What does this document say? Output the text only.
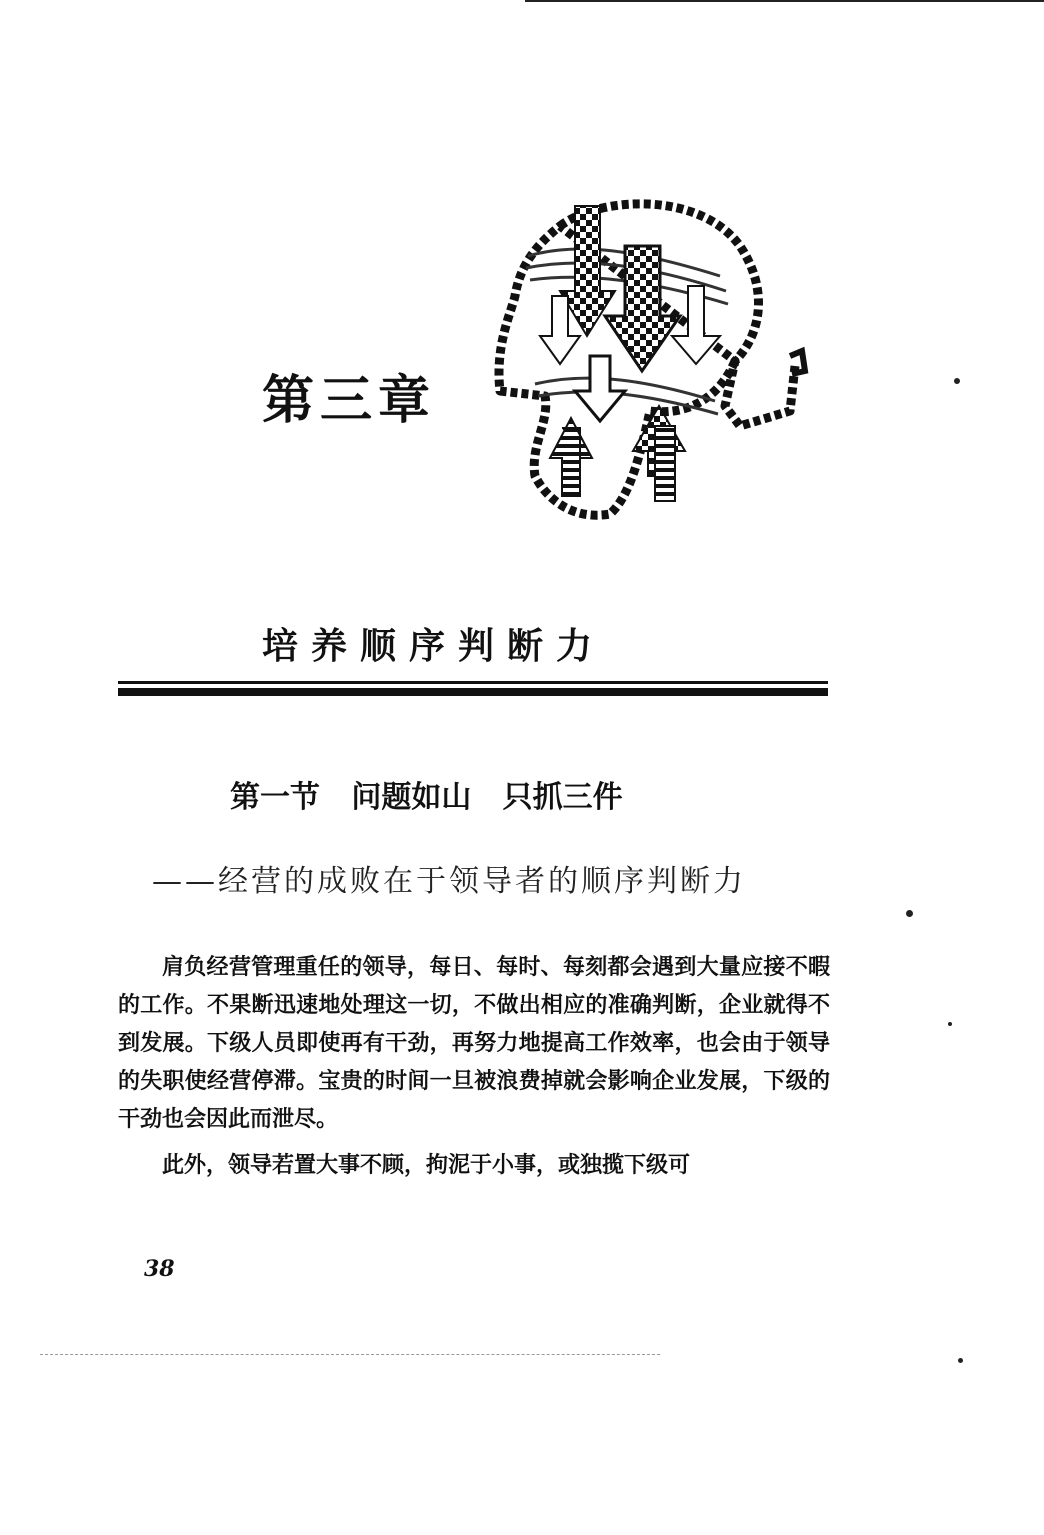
第三章
培养顺序判断力
第一节   问题如山   只抓三件
——经营的成败在于领导者的顺序判断力

肩负经营管理重任的领导，每日、每时、每刻都会遇到大量应接不暇的工作。不果断迅速地处理这一切，不做出相应的准确判断，企业就得不到发展。下级人员即使再有干劲，再努力地提高工作效率，也会由于领导的失职使经营停滞。宝贵的时间一旦被浪费掉就会影响企业发展，下级的干劲也会因此而泄尽。

此外，领导若置大事不顾，拘泥于小事，或独揽下级可

38
